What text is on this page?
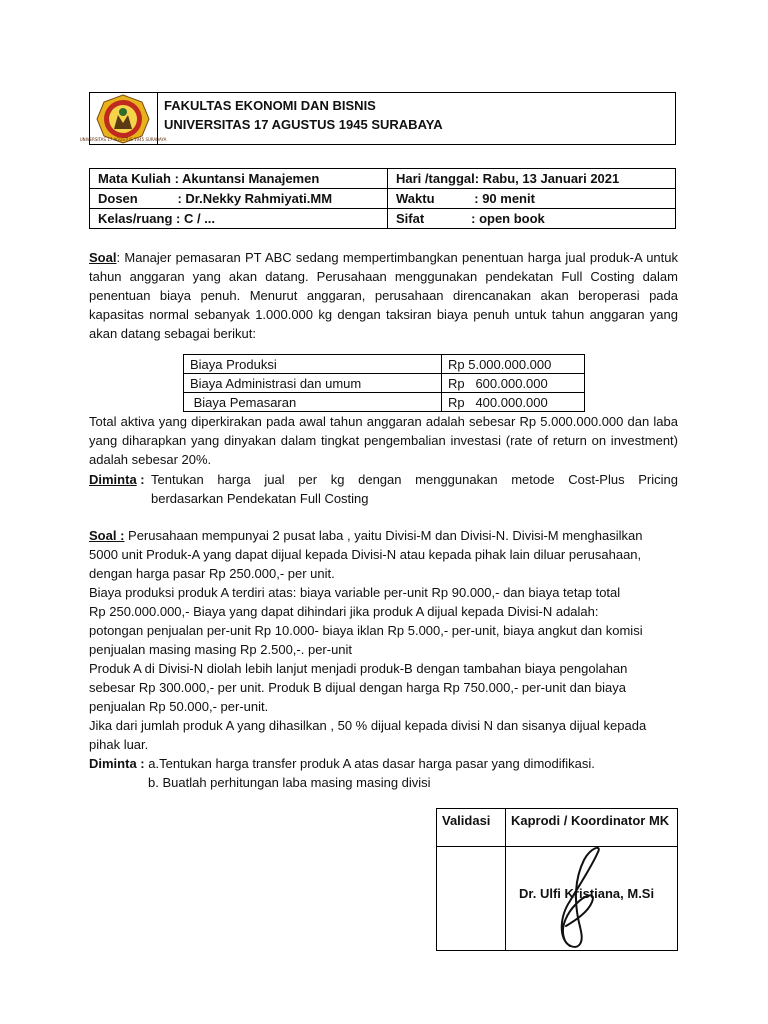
UNIVERSITAS 17 AGUSTUS 1945 SURABAYA
FAKULTAS EKONOMI DAN BISNIS
UNIVERSITAS 17 AGUSTUS 1945 SURABAYA
Mata Kuliah : Akuntansi Manajemen	Hari /tanggal: Rabu, 13 Januari 2021
Dosen           : Dr.Nekky Rahmiyati.MM	Waktu           : 90 menit
Kelas/ruang : C / ...	Sifat             : open book
Soal: Manajer pemasaran PT ABC sedang mempertimbangkan penentuan harga jual produk-A untuk tahun anggaran yang akan datang. Perusahaan menggunakan pendekatan Full Costing dalam penentuan biaya penuh. Menurut anggaran, perusahaan direncanakan akan beroperasi pada kapasitas normal sebanyak 1.000.000 kg dengan taksiran biaya penuh untuk tahun anggaran yang akan datang sebagai berikut:
Biaya Produksi	Rp 5.000.000.000
Biaya Administrasi dan umum	Rp   600.000.000
Biaya Pemasaran	Rp   400.000.000
Total aktiva yang diperkirakan pada awal tahun anggaran adalah sebesar Rp 5.000.000.000 dan laba yang diharapkan yang dinyakan dalam tingkat pengembalian investasi (rate of return on investment) adalah sebesar 20%.
Diminta : Tentukan harga jual per kg dengan menggunakan metode Cost-Plus Pricing
berdasarkan Pendekatan Full Costing
Soal : Perusahaan mempunyai 2 pusat laba , yaitu Divisi-M dan Divisi-N. Divisi-M menghasilkan
5000 unit Produk-A yang dapat dijual kepada Divisi-N atau kepada pihak lain diluar perusahaan,
dengan harga pasar Rp 250.000,- per unit.
Biaya produksi produk A terdiri atas: biaya variable per-unit Rp 90.000,- dan biaya tetap total
Rp 250.000.000,- Biaya yang dapat dihindari jika produk A dijual kepada Divisi-N adalah:
potongan penjualan per-unit Rp 10.000- biaya iklan Rp 5.000,- per-unit, biaya angkut dan komisi
penjualan masing masing Rp 2.500,-. per-unit
Produk A di Divisi-N diolah lebih lanjut menjadi produk-B dengan tambahan biaya pengolahan
sebesar Rp 300.000,- per unit. Produk B dijual dengan harga Rp 750.000,- per-unit dan biaya
penjualan Rp 50.000,- per-unit.
Jika dari jumlah produk A yang dihasilkan , 50 % dijual kepada divisi N dan sisanya dijual kepada
pihak luar.
Diminta : a.Tentukan harga transfer produk A atas dasar harga pasar yang dimodifikasi.
b. Buatlah perhitungan laba masing masing divisi
Validasi	Kaprodi / Koordinator MK
	Dr. Ulfi Kristiana, M.Si
